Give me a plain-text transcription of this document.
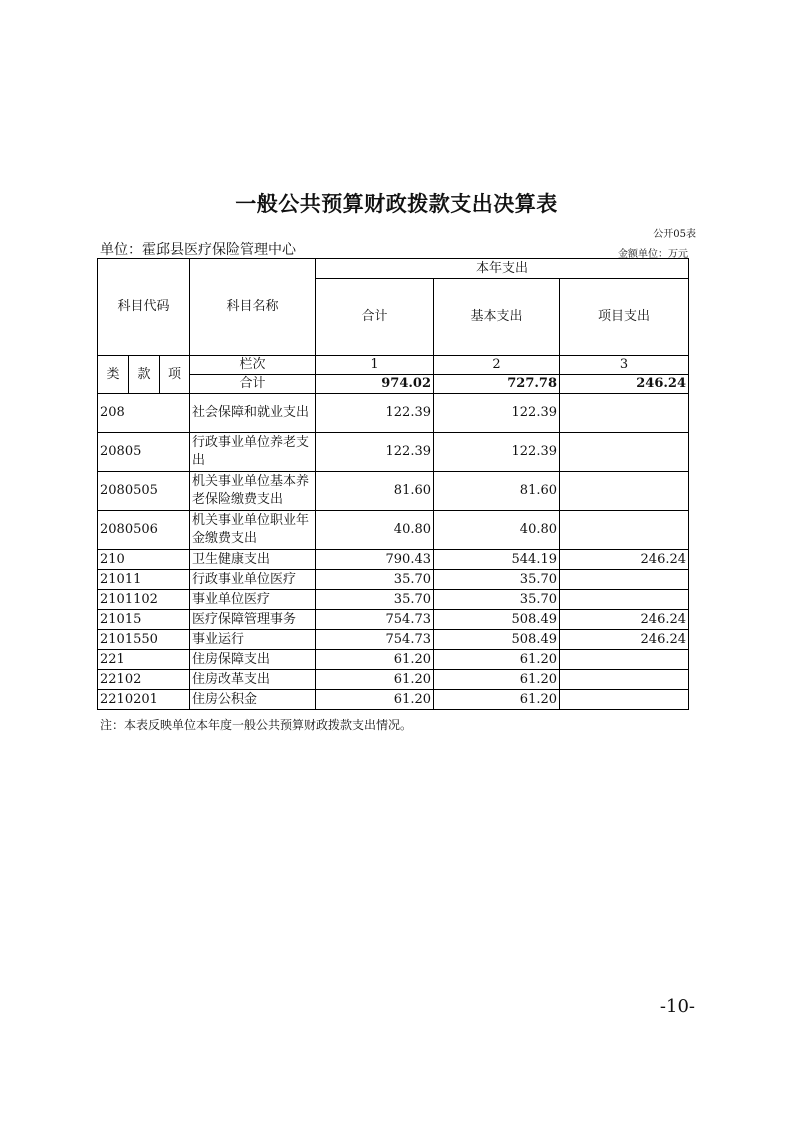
一般公共预算财政拨款支出决算表
公开05表
单位：霍邱县医疗保险管理中心	金额单位：万元
科目代码			科目名称	本年支出		
				合计	基本支出	项目支出
类	款	项	栏次	1	2	3
			合计	974.02	727.78	246.24
208			社会保障和就业支出	122.39	122.39	
20805			行政事业单位养老支出	122.39	122.39	
2080505			机关事业单位基本养老保险缴费支出	81.60	81.60	
2080506			机关事业单位职业年金缴费支出	40.80	40.80	
210			卫生健康支出	790.43	544.19	246.24
21011			行政事业单位医疗	35.70	35.70	
2101102			事业单位医疗	35.70	35.70	
21015			医疗保障管理事务	754.73	508.49	246.24
2101550			事业运行	754.73	508.49	246.24
221			住房保障支出	61.20	61.20	
22102			住房改革支出	61.20	61.20	
2210201			住房公积金	61.20	61.20	
注：本表反映单位本年度一般公共预算财政拨款支出情况。
-10-
